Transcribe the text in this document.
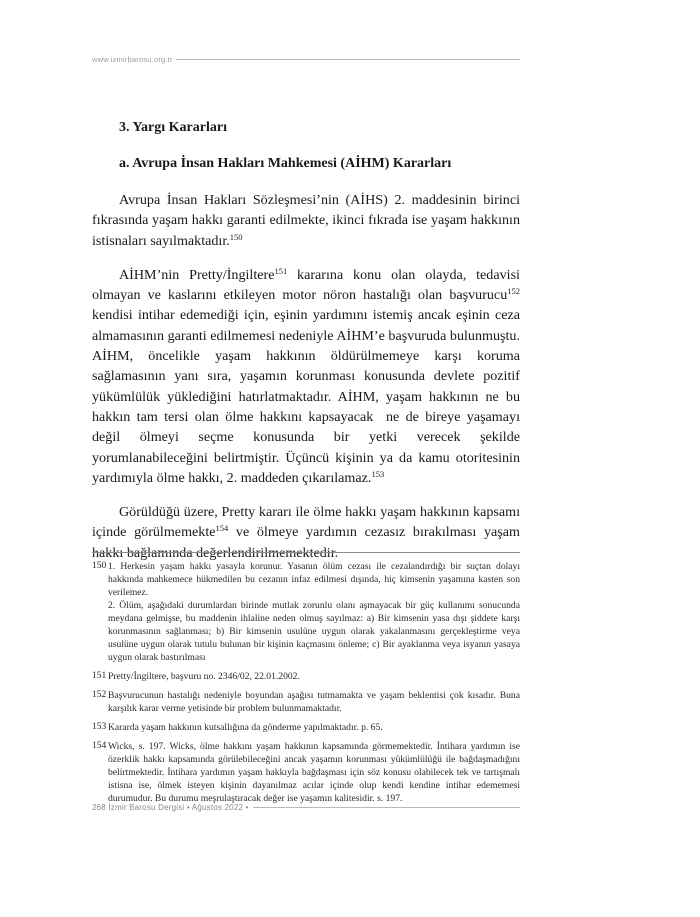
www.izmirbarosu.org.tr
3. Yargı Kararları
a. Avrupa İnsan Hakları Mahkemesi (AİHM) Kararları

Avrupa İnsan Hakları Sözleşmesi’nin (AİHS) 2. maddesinin birinci fıkrasında yaşam hakkı garanti edilmekte, ikinci fıkrada ise yaşam hakkının istisnaları sayılmaktadır.$^{150}$

AİHM’nin Pretty/İngiltere$^{151}$ kararına konu olan olayda, tedavisi olmayan ve kaslarını etkileyen motor nöron hastalığı olan başvurucu$^{152}$ kendisi intihar edemediği için, eşinin yardımını istemiş ancak eşinin ceza almamasının garanti edilmemesi nedeniyle AİHM’e başvuruda bulunmuştu. AİHM, öncelikle yaşam hakkının öldürülmemeye karşı koruma sağlamasının yanı sıra, yaşamın korunması konusunda devlete pozitif yükümlülük yüklediğini hatırlatmaktadır. AİHM, yaşam hakkının ne bu hakkın tam tersi olan ölme hakkını kapsayacak  ne de bireye yaşamayı değil ölmeyi seçme konusunda bir yetki verecek şekilde yorumlanabileceğini belirtmiştir. Üçüncü kişinin ya da kamu otoritesinin yardımıyla ölme hakkı, 2. maddeden çıkarılamaz.$^{153}$

Görüldüğü üzere, Pretty kararı ile ölme hakkı yaşam hakkının kapsamı içinde görülmemekte$^{154}$ ve ölmeye yardımın cezasız bırakılması yaşam hakkı bağlamında değerlendirilmemektedir.

150 1. Herkesin yaşam hakkı yasayla korunur. Yasanın ölüm cezası ile cezalandırdığı bir suçtan dolayı hakkında mahkemece hükmedilen bu cezanın infaz edilmesi dışında, hiç kimsenin yaşamına kasten son verilemez.

2. Ölüm, aşağıdaki durumlardan birinde mutlak zorunlu olanı aşmayacak bir güç kullanımı sonucunda meydana gelmişse, bu maddenin ihlaline neden olmuş sayılmaz: a) Bir kimsenin yasa dışı şiddete karşı korunmasının sağlanması; b) Bir kimsenin usulüne uygun olarak yakalanmasını gerçekleştirme veya usulüne uygun olarak tutulu bulunan bir kişinin kaçmasını önleme; c) Bir ayaklanma veya isyanın yasaya uygun olarak bastırılması

151 Pretty/İngiltere, başvuru no. 2346/02, 22.01.2002.

152 Başvurucunun hastalığı nedeniyle boyundan aşağısı tutmamakta ve yaşam beklentisi çok kısadır. Buna karşılık karar verme yetisinde bir problem bulunmamaktadır.

153 Kararda yaşam hakkının kutsallığına da gönderme yapılmaktadır. p. 65.

154 Wicks, s. 197. Wicks, ölme hakkını yaşam hakkının kapsamında görmemektedir. İntihara yardımın ise özerklik hakkı kapsamında görülebileceğini ancak yaşamın korunması yükümlülüğü ile bağdaşmadığını belirtmektedir. İntihara yardımın yaşam hakkıyla bağdaşması için söz konusu olabilecek tek ve tartışmalı istisna ise, ölmek isteyen kişinin dayanılmaz acılar içinde olup kendi kendine intihar edememesi durumudur. Bu durumu meşrulaştıracak değer ise yaşamın kalitesidir. s. 197.

268 İzmir Barosu Dergisi • Ağustos 2022 •
